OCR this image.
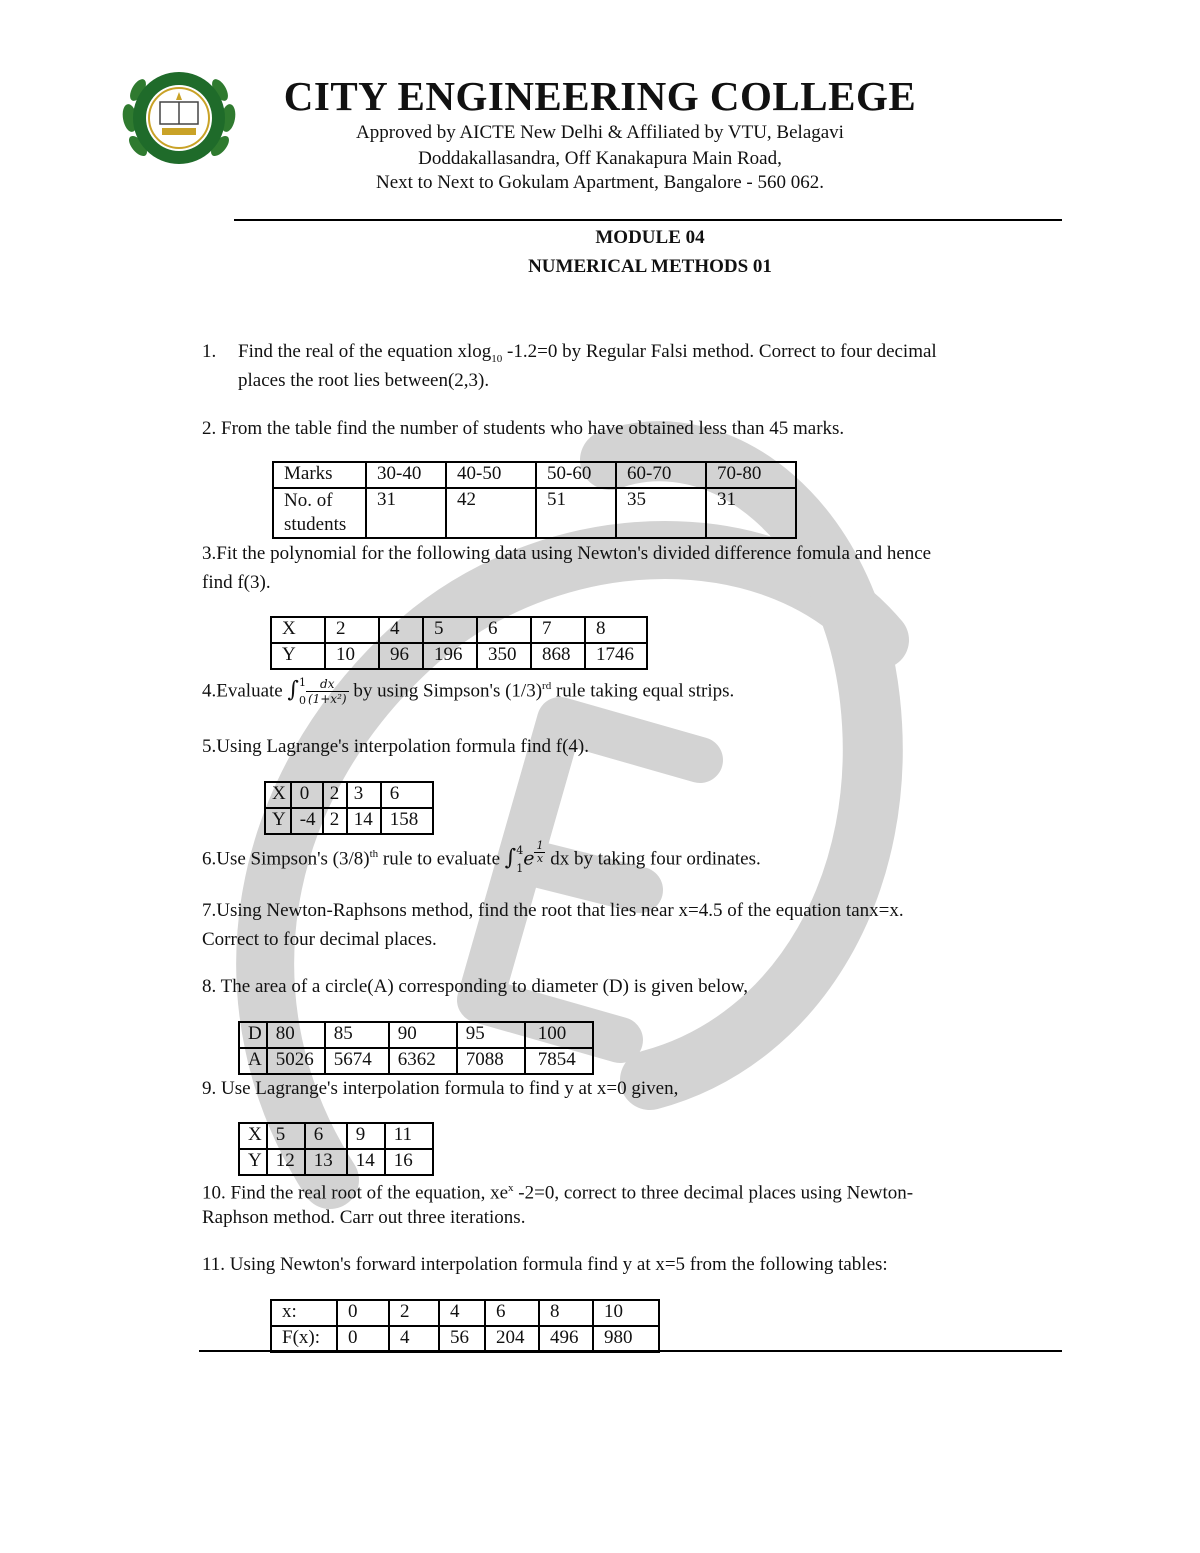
CITY ENGINEERING COLLEGE
Approved by AICTE New Delhi & Affiliated by VTU, Belagavi
Doddakallasandra, Off Kanakapura Main Road,
Next to Next to Gokulam Apartment, Bangalore - 560 062.
MODULE 04
NUMERICAL METHODS 01
1. Find the real of the equation xlog$_{10}$ -1.2=0 by Regular Falsi method. Correct to four decimal
places the root lies between(2,3).
2. From the table find the number of students who have obtained less than 45 marks.
Marks	30-40	40-50	50-60	60-70	70-80
No. of students	31	42	51	35	31
3.Fit the polynomial for the following data using Newton's divided difference fomula and hence
find f(3).
X	2	4	5	6	7	8
Y	10	96	196	350	868	1746
4.Evaluate ∫ 1
$0 \frac{dx}{\text{(1+x²)}}$ by using Simpson's $(1/3)^{rd}$ rule taking equal strips.
5.Using Lagrange's interpolation formula find f(4).
X	0	2	3	6
Y	-4	2	14	158
6.Use Simpson's $(3/8)^{th}$ rule to evaluate ∫ 4
1 e $\frac{1}{x}$ dx by taking four ordinates.
7.Using Newton-Raphsons method, find the root that lies near x=4.5 of the equation tanx=x.
Correct to four decimal places.
8. The area of a circle(A) corresponding to diameter (D) is given below,
D	80	85	90	95	100
A	5026	5674	6362	7088	7854
9. Use Lagrange's interpolation formula to find y at x=0 given,
X	5	6	9	11
Y	12	13	14	16
10. Find the real root of the equation, $xe^x$ -2=0, correct to three decimal places using Newton-
Raphson method. Carr out three iterations.
11. Using Newton's forward interpolation formula find y at x=5 from the following tables:
x:	0	2	4	6	8	10
F(x):	0	4	56	204	496	980
